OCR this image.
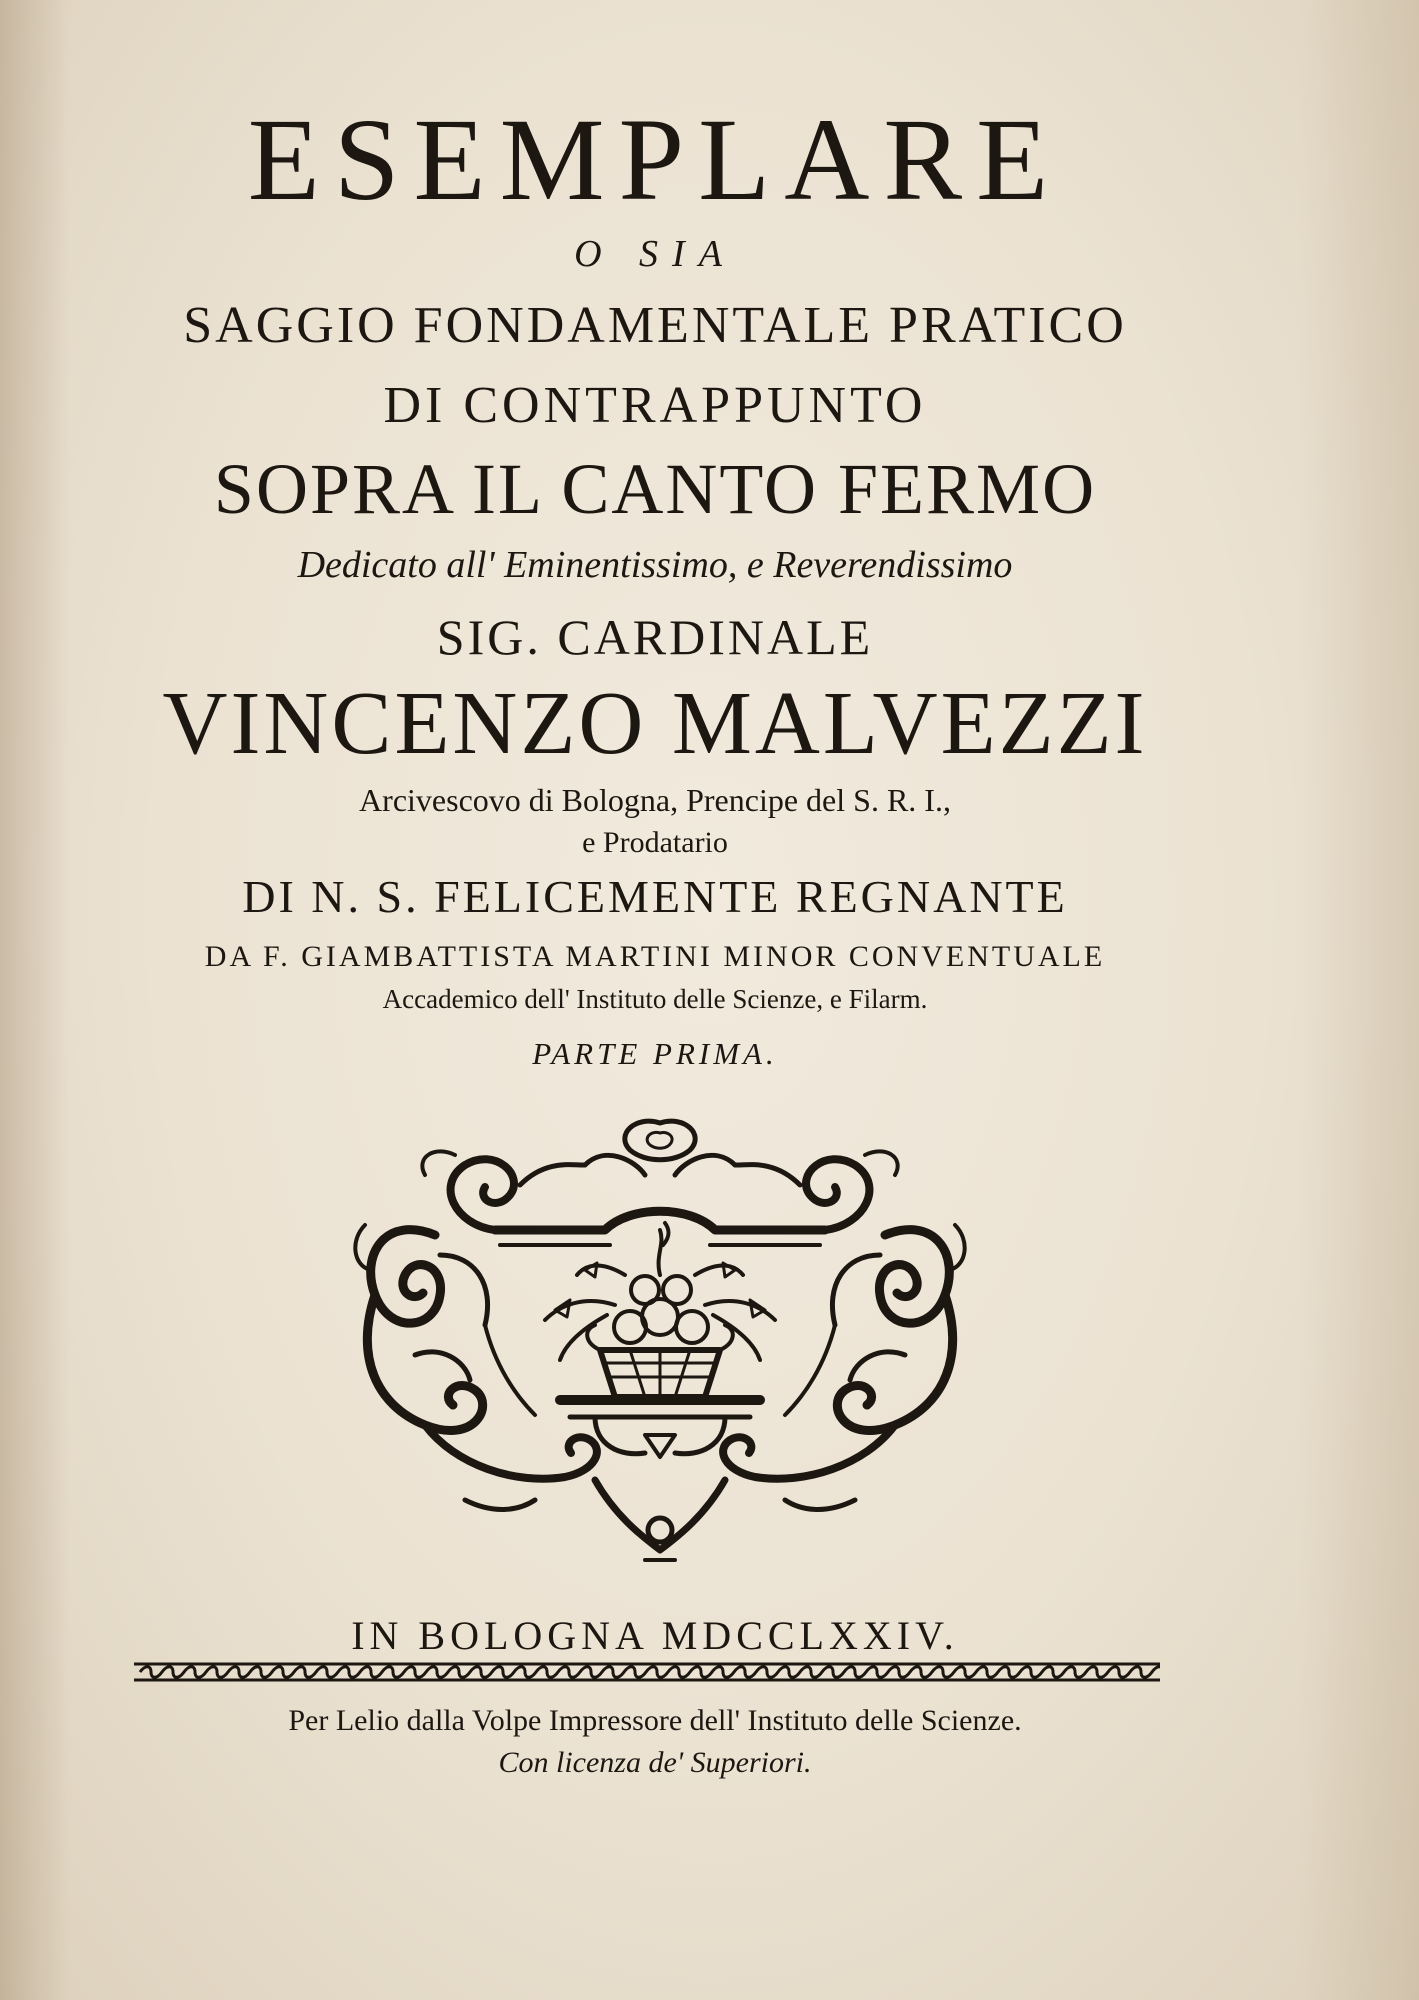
ESEMPLARE
O SIA
SAGGIO FONDAMENTALE PRATICO
DI CONTRAPPUNTO
SOPRA IL CANTO FERMO
Dedicato all' Eminentissimo, e Reverendissimo
SIG. CARDINALE
VINCENZO MALVEZZI
Arcivescovo di Bologna, Prencipe del S. R. I.,
e Prodatario
DI N. S. FELICEMENTE REGNANTE
DA F. GIAMBATTISTA MARTINI MINOR CONVENTUALE
Accademico dell' Instituto delle Scienze, e Filarm.
PARTE PRIMA.
IN BOLOGNA MDCCLXXIV.
Per Lelio dalla Volpe Impressore dell' Instituto delle Scienze.
Con licenza de' Superiori.
